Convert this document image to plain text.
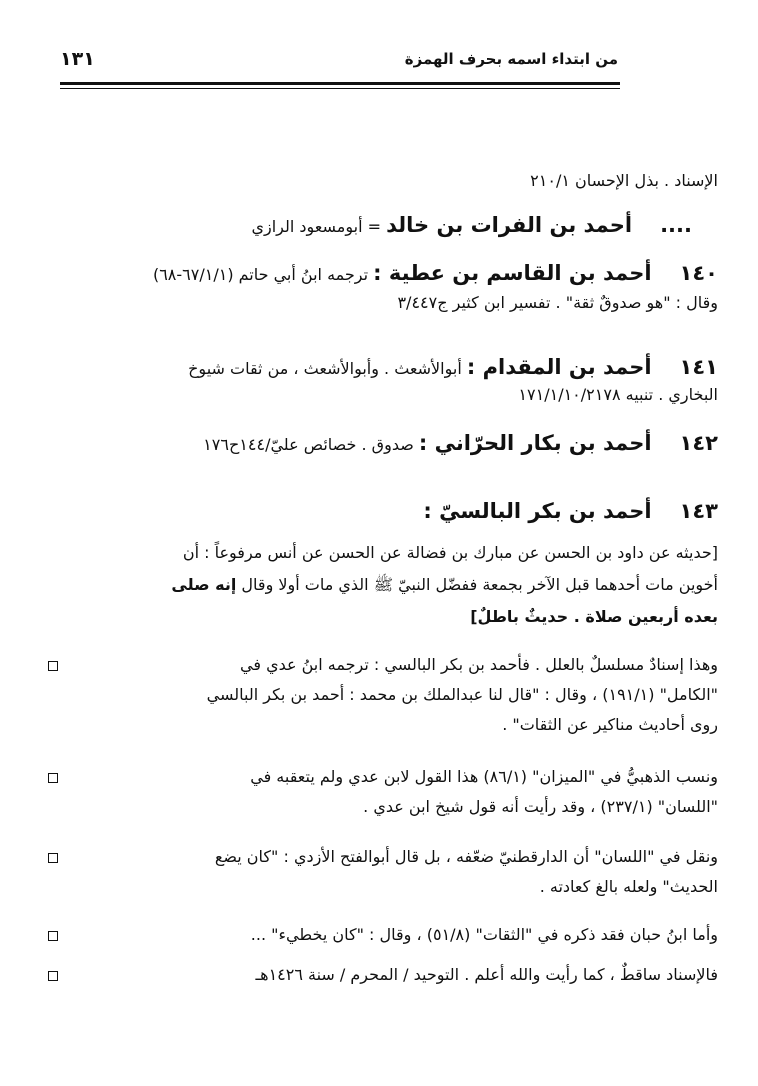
من ابتداء اسمه بحرف الهمزة
١٣١
الإسناد . بذل الإحسان ٢١٠/١
....أحمد بن الفرات بن خالد = أبومسعود الرازي
١٤٠أحمد بن القاسم بن عطية : ترجمه ابنُ أبي حاتم (٦٧/١/١-٦٨)
وقال : "هو صدوقٌ ثقة" . تفسير ابن كثير ج٣/٤٤٧
١٤١أحمد بن المقدام : أبوالأشعث . وأبوالأشعث ، من ثقات شيوخ
البخاري . تنبيه ١٧١/١/١٠/٢١٧٨
١٤٢أحمد بن بكار الحرّاني : صدوق . خصائص عليّ/١٤٤ح١٧٦
١٤٣أحمد بن بكر البالسيّ :
[حديثه عن داود بن الحسن عن مبارك بن فضالة عن الحسن عن أنس مرفوعاً : أن
أخوين مات أحدهما قبل الآخر بجمعة ففضّل النبيّ ﷺ الذي مات أولا وقال إنه صلى
بعده أربعين صلاة . حديثٌ باطلٌ]
وهذا إسنادٌ مسلسلٌ بالعلل . فأحمد بن بكر البالسي : ترجمه ابنُ عدي في
"الكامل" (١٩١/١) ، وقال : "قال لنا عبدالملك بن محمد : أحمد بن بكر البالسي
روى أحاديث مناكير عن الثقات" .
ونسب الذهبيُّ في "الميزان" (٨٦/١) هذا القول لابن عدي ولم يتعقبه في
"اللسان" (٢٣٧/١) ، وقد رأيت أنه قول شيخ ابن عدي .
ونقل في "اللسان" أن الدارقطنيّ ضعّفه ، بل قال أبوالفتح الأزدي : "كان يضع
الحديث" ولعله بالغ كعادته .
وأما ابنُ حبان فقد ذكره في "الثقات" (٥١/٨) ، وقال : "كان يخطيء" ...
فالإسناد ساقطٌ ، كما رأيت والله أعلم . التوحيد / المحرم / سنة ١٤٢٦هـ
